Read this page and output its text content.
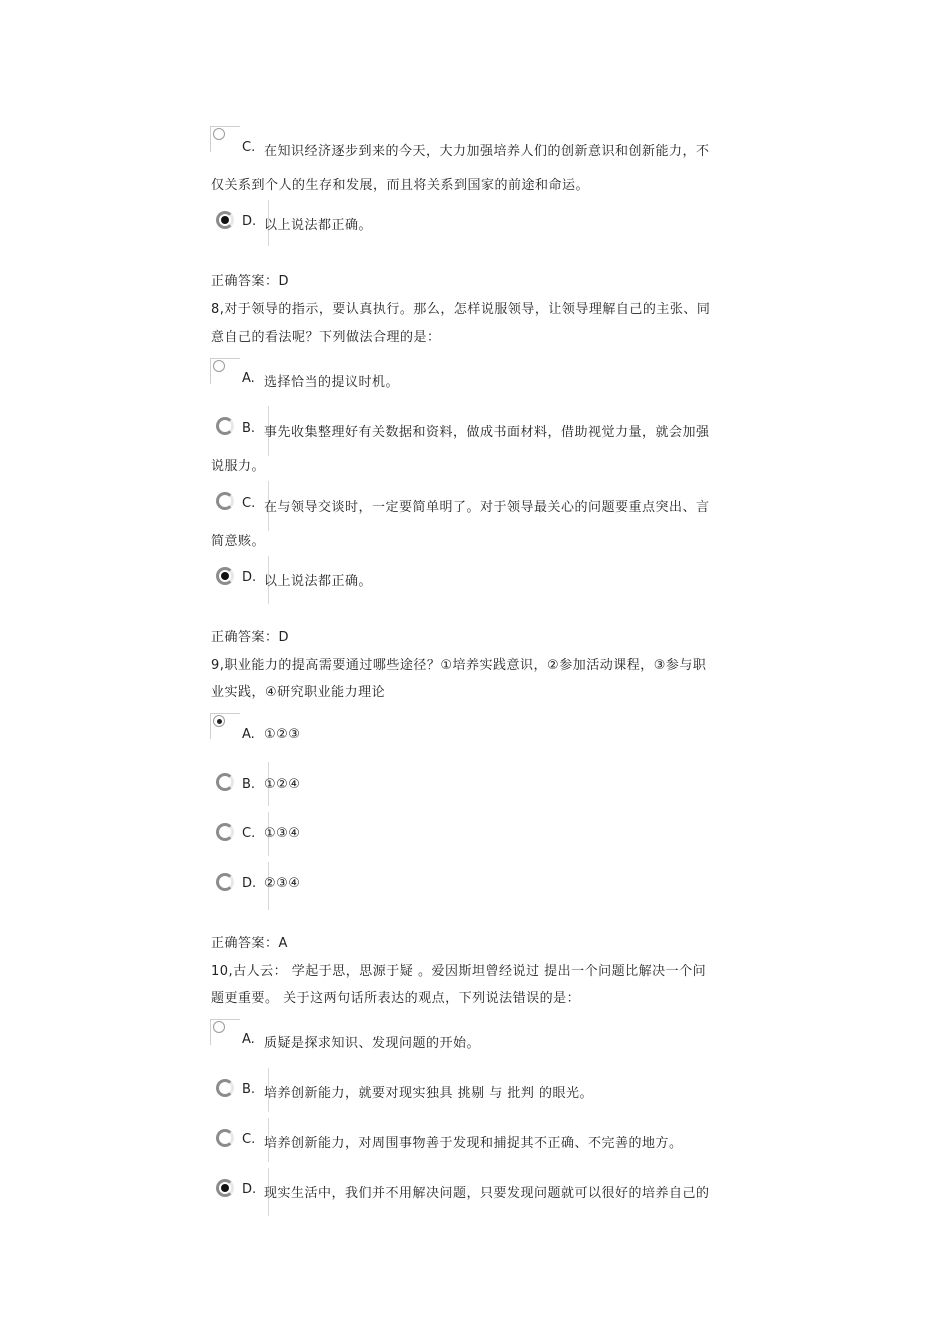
C. 在知识经济逐步到来的今天，大力加强培养人们的创新意识和创新能力，不
仅关系到个人的生存和发展，而且将关系到国家的前途和命运。
D. 以上说法都正确。
正确答案：D
8,对于领导的指示，要认真执行。那么，怎样说服领导，让领导理解自己的主张、同
意自己的看法呢？下列做法合理的是：
A. 选择恰当的提议时机。
B. 事先收集整理好有关数据和资料，做成书面材料，借助视觉力量，就会加强
说服力。
C. 在与领导交谈时，一定要简单明了。对于领导最关心的问题要重点突出、言
简意赅。
D. 以上说法都正确。
正确答案：D
9,职业能力的提高需要通过哪些途径？①培养实践意识，②参加活动课程，③参与职
业实践，④研究职业能力理论
A. ①②③
B. ①②④
C. ①③④
D. ②③④
正确答案：A
10,古人云： 学起于思，思源于疑 。爱因斯坦曾经说过 提出一个问题比解决一个问
题更重要。 关于这两句话所表达的观点，下列说法错误的是：
A. 质疑是探求知识、发现问题的开始。
B. 培养创新能力，就要对现实独具 挑剔 与 批判 的眼光。
C. 培养创新能力，对周围事物善于发现和捕捉其不正确、不完善的地方。
D. 现实生活中，我们并不用解决问题，只要发现问题就可以很好的培养自己的
